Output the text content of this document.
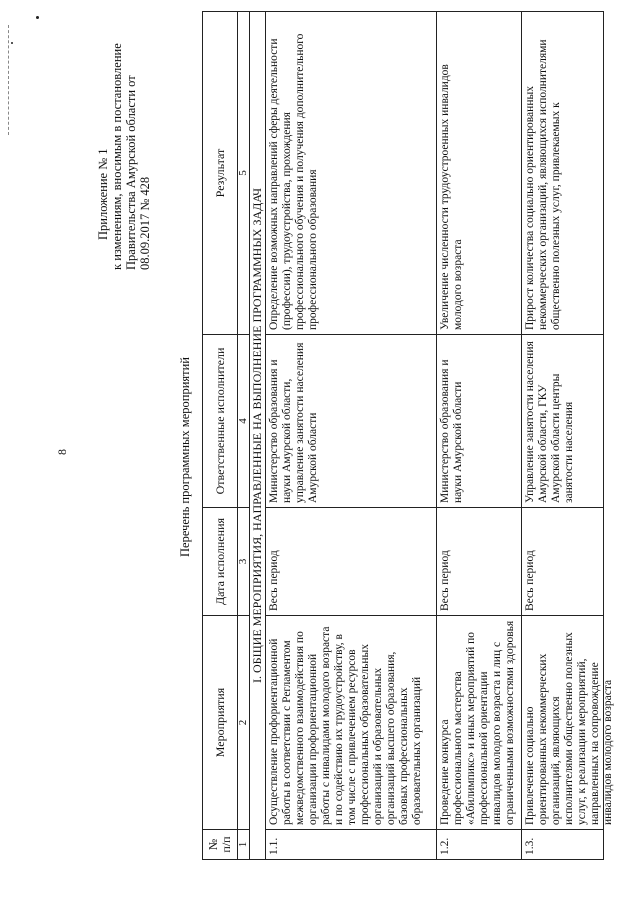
8
Приложение № 1 к изменениям, вносимым в постановление Правительства Амурской области от 08.09.2017 № 428
Перечень программных мероприятий
№ п/п	Мероприятия	Дата исполнения	Ответственные исполнители	Результат
1	2	3	4	5
I. ОБЩИЕ МЕРОПРИЯТИЯ, НАПРАВЛЕННЫЕ НА ВЫПОЛНЕНИЕ ПРОГРАММНЫХ ЗАДАЧ				
1.1.	Осуществление профориентационной работы в соответствии с Регламентом межведомственного взаимодействия по организации профориентационной работы с инвалидами молодого возраста и по содействию их трудоустройству, в том числе с привлечением ресурсов профессиональных образовательных организаций и образовательных организаций высшего образования, базовых профессиональных образовательных организаций	Весь период	Министерство образования и науки Амурской области, управление занятости населения Амурской области	Определение возможных направлений сферы деятельности (профессии), трудоустройства, прохождения профессионального обучения и получения дополнительного профессионального образования
1.2.	Проведение конкурса профессионального мастерства «Абилимпикс» и иных мероприятий по профессиональной ориентации инвалидов молодого возраста и лиц с ограниченными возможностями здоровья	Весь период	Министерство образования и науки Амурской области	Увеличение численности трудоустроенных инвалидов молодого возраста
1.3.	Привлечение социально ориентированных некоммерческих организаций, являющихся исполнителями общественно полезных услуг, к реализации мероприятий, направленных на сопровождение инвалидов молодого возраста	Весь период	Управление занятости населения Амурской области, ГКУ Амурской области центры занятости населения	Прирост количества социально ориентированных некоммерческих организаций, являющихся исполнителями общественно полезных услуг, привлекаемых к
